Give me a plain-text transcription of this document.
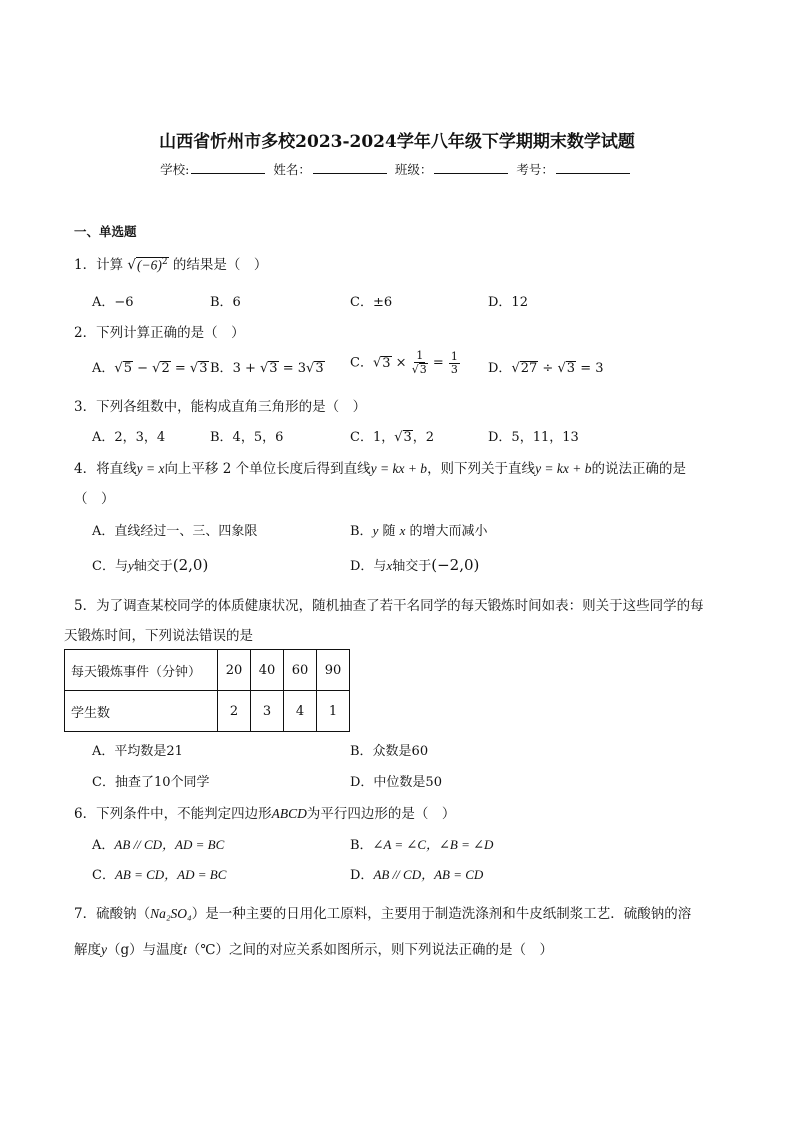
山西省忻州市多校2023-2024学年八年级下学期期末数学试题
学校:	姓名：	班级：	考号：
一、单选题
1．计算 $√(-6)^2$ 的结果是（　）
A．−6	B．6	C．±6	D．12
2．下列计算正确的是（　）
A．√5 − √2 = √3 B．3 + √3 = 3√3 C．$√3 \times \frac{1}{√3} = \frac{1}{3}$ D．√27 ÷ √3 = 3
3．下列各组数中，能构成直角三角形的是（　）
A．2，3，4	B．4，5，6	C．1，√3，2	D．5，11，13
4．将直线y = x向上平移 2 个单位长度后得到直线y = kx + b，则下列关于直线y = kx + b的说法正确的是
（　）
A．直线经过一、三、四象限	B．y 随 x 的增大而减小
C．与y轴交于(2,0)	D．与x轴交于(−2,0)
5．为了调查某校同学的体质健康状况，随机抽查了若干名同学的每天锻炼时间如表：则关于这些同学的每
天锻炼时间，下列说法错误的是
每天锻炼事件（分钟）	20	40	60	90
学生数	2	3	4	1
A．平均数是21	B．众数是60
C．抽查了10个同学	D．中位数是50
6．下列条件中，不能判定四边形ABCD为平行四边形的是（　）
A．AB // CD，AD = BC	B．∠A = ∠C，∠B = ∠D
C．AB = CD，AD = BC	D．AB // CD，AB = CD
7．硫酸钠（Na₂SO₄）是一种主要的日用化工原料，主要用于制造洗涤剂和牛皮纸制浆工艺．硫酸钠的溶
解度y（g）与温度t（℃）之间的对应关系如图所示，则下列说法正确的是（　）
